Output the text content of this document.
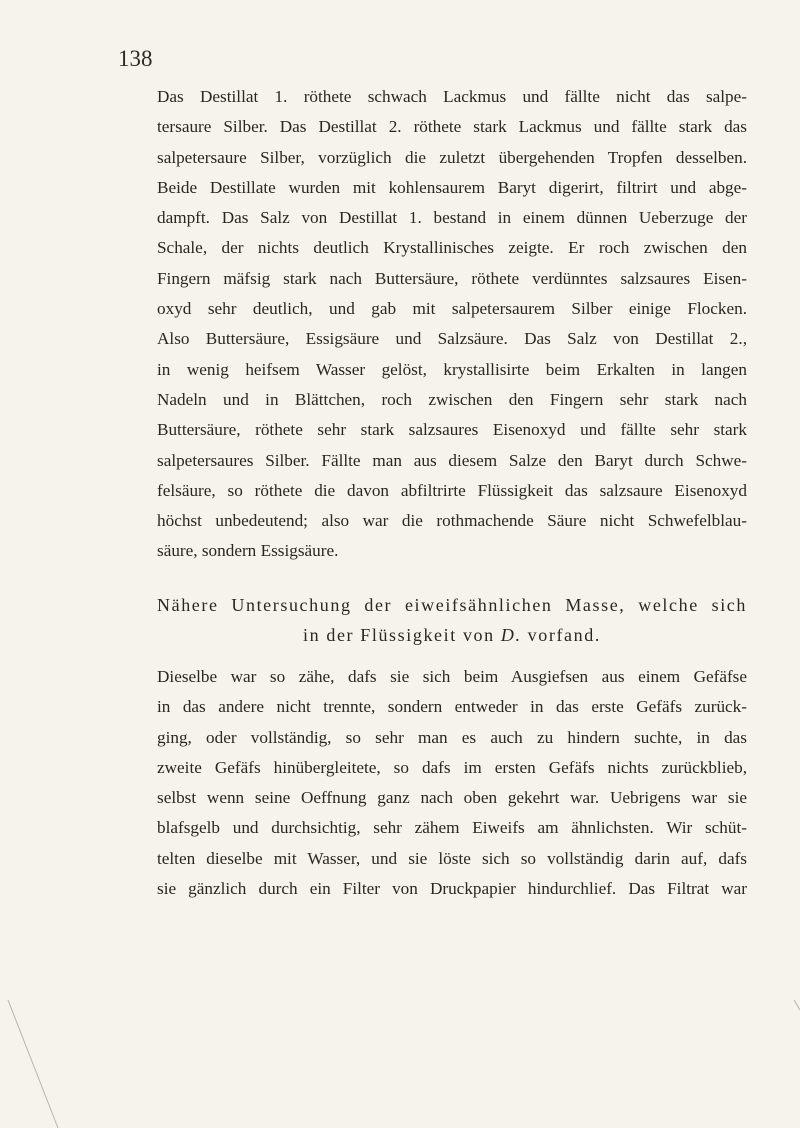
138
Das Destillat 1. röthete schwach Lackmus und fällte nicht das salpe-
tersaure Silber. Das Destillat 2. röthete stark Lackmus und fällte stark das
salpetersaure Silber, vorzüglich die zuletzt übergehenden Tropfen desselben.
Beide Destillate wurden mit kohlensaurem Baryt digerirt, filtrirt und abge-
dampft. Das Salz von Destillat 1. bestand in einem dünnen Ueberzuge der
Schale, der nichts deutlich Krystallinisches zeigte. Er roch zwischen den
Fingern mäfsig stark nach Buttersäure, röthete verdünntes salzsaures Eisen-
oxyd sehr deutlich, und gab mit salpetersaurem Silber einige Flocken.
Also Buttersäure, Essigsäure und Salzsäure. Das Salz von Destillat 2.,
in wenig heifsem Wasser gelöst, krystallisirte beim Erkalten in langen
Nadeln und in Blättchen, roch zwischen den Fingern sehr stark nach
Buttersäure, röthete sehr stark salzsaures Eisenoxyd und fällte sehr stark
salpetersaures Silber. Fällte man aus diesem Salze den Baryt durch Schwe-
felsäure, so röthete die davon abfiltrirte Flüssigkeit das salzsaure Eisenoxyd
höchst unbedeutend; also war die rothmachende Säure nicht Schwefelblau-
säure, sondern Essigsäure.
Nähere Untersuchung der eiweifsähnlichen Masse, welche sich
in der Flüssigkeit von D. vorfand.
Dieselbe war so zähe, dafs sie sich beim Ausgiefsen aus einem Gefäfse
in das andere nicht trennte, sondern entweder in das erste Gefäfs zurück-
ging, oder vollständig, so sehr man es auch zu hindern suchte, in das
zweite Gefäfs hinübergleitete, so dafs im ersten Gefäfs nichts zurückblieb,
selbst wenn seine Oeffnung ganz nach oben gekehrt war. Uebrigens war sie
blafsgelb und durchsichtig, sehr zähem Eiweifs am ähnlichsten. Wir schüt-
telten dieselbe mit Wasser, und sie löste sich so vollständig darin auf, dafs
sie gänzlich durch ein Filter von Druckpapier hindurchlief. Das Filtrat war
